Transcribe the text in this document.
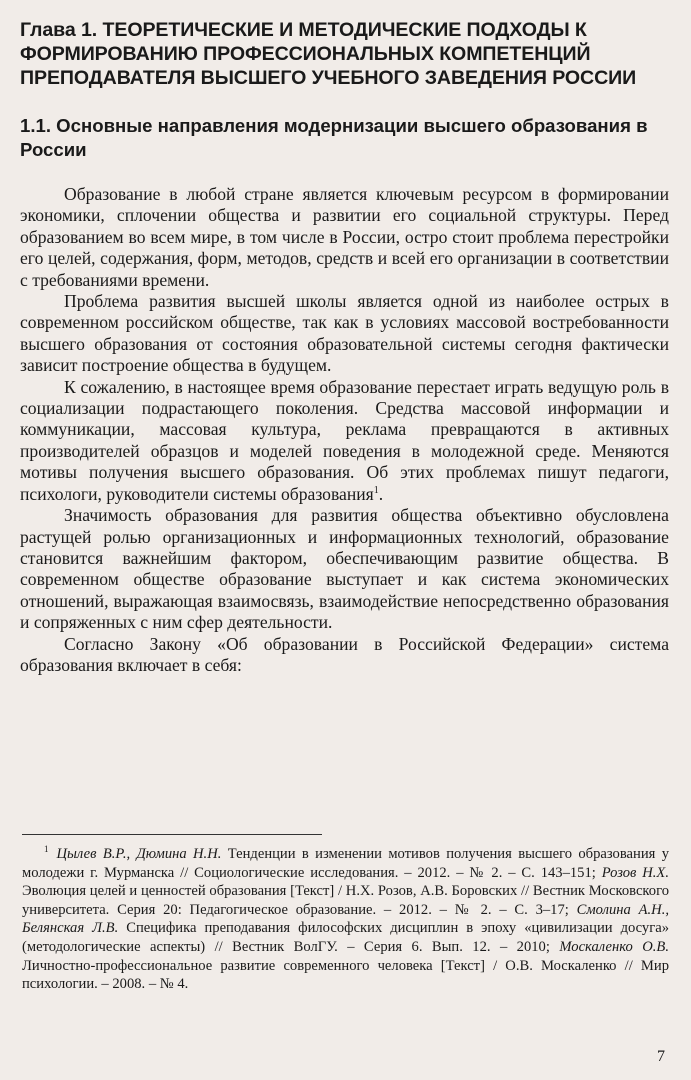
Глава 1. ТЕОРЕТИЧЕСКИЕ И МЕТОДИЧЕСКИЕ ПОДХОДЫ К ФОРМИРОВАНИЮ ПРОФЕССИОНАЛЬНЫХ КОМПЕТЕНЦИЙ ПРЕПОДАВАТЕЛЯ ВЫСШЕГО УЧЕБНОГО ЗАВЕДЕНИЯ РОССИИ
1.1. Основные направления модернизации высшего образования в России

Образование в любой стране является ключевым ресурсом в формировании экономики, сплочении общества и развитии его социальной структуры. Перед образованием во всем мире, в том числе в России, остро стоит проблема перестройки его целей, содержания, форм, методов, средств и всей его организации в соответствии с требованиями времени.

Проблема развития высшей школы является одной из наиболее острых в современном российском обществе, так как в условиях массовой востребованности высшего образования от состояния образовательной системы сегодня фактически зависит построение общества в будущем.

К сожалению, в настоящее время образование перестает играть ведущую роль в социализации подрастающего поколения. Средства массовой информации и коммуникации, массовая культура, реклама превращаются в активных производителей образцов и моделей поведения в молодежной среде. Меняются мотивы получения высшего образования. Об этих проблемах пишут педагоги, психологи, руководители системы образования$^1$.

Значимость образования для развития общества объективно обусловлена растущей ролью организационных и информационных технологий, образование становится важнейшим фактором, обеспечивающим развитие общества. В современном обществе образование выступает и как система экономических отношений, выражающая взаимосвязь, взаимодействие непосредственно образования и сопряженных с ним сфер деятельности.

Согласно Закону «Об образовании в Российской Федерации» система образования включает в себя:

$^1$ Цылев В.Р., Дюмина Н.Н. Тенденции в изменении мотивов получения высшего образования у молодежи г. Мурманска // Социологические исследования. – 2012. – № 2. – С. 143–151; Розов Н.Х. Эволюция целей и ценностей образования [Текст] / Н.Х. Розов, А.В. Боровских // Вестник Московского университета. Серия 20: Педагогическое образование. – 2012. – № 2. – С. 3–17; Смолина А.Н., Белянская Л.В. Специфика преподавания философских дисциплин в эпоху «цивилизации досуга» (методологические аспекты) // Вестник ВолГУ. – Серия 6. Вып. 12. – 2010; Москаленко О.В. Личностно-профессиональное развитие современного человека [Текст] / О.В. Москаленко // Мир психологии. – 2008. – № 4.
7
